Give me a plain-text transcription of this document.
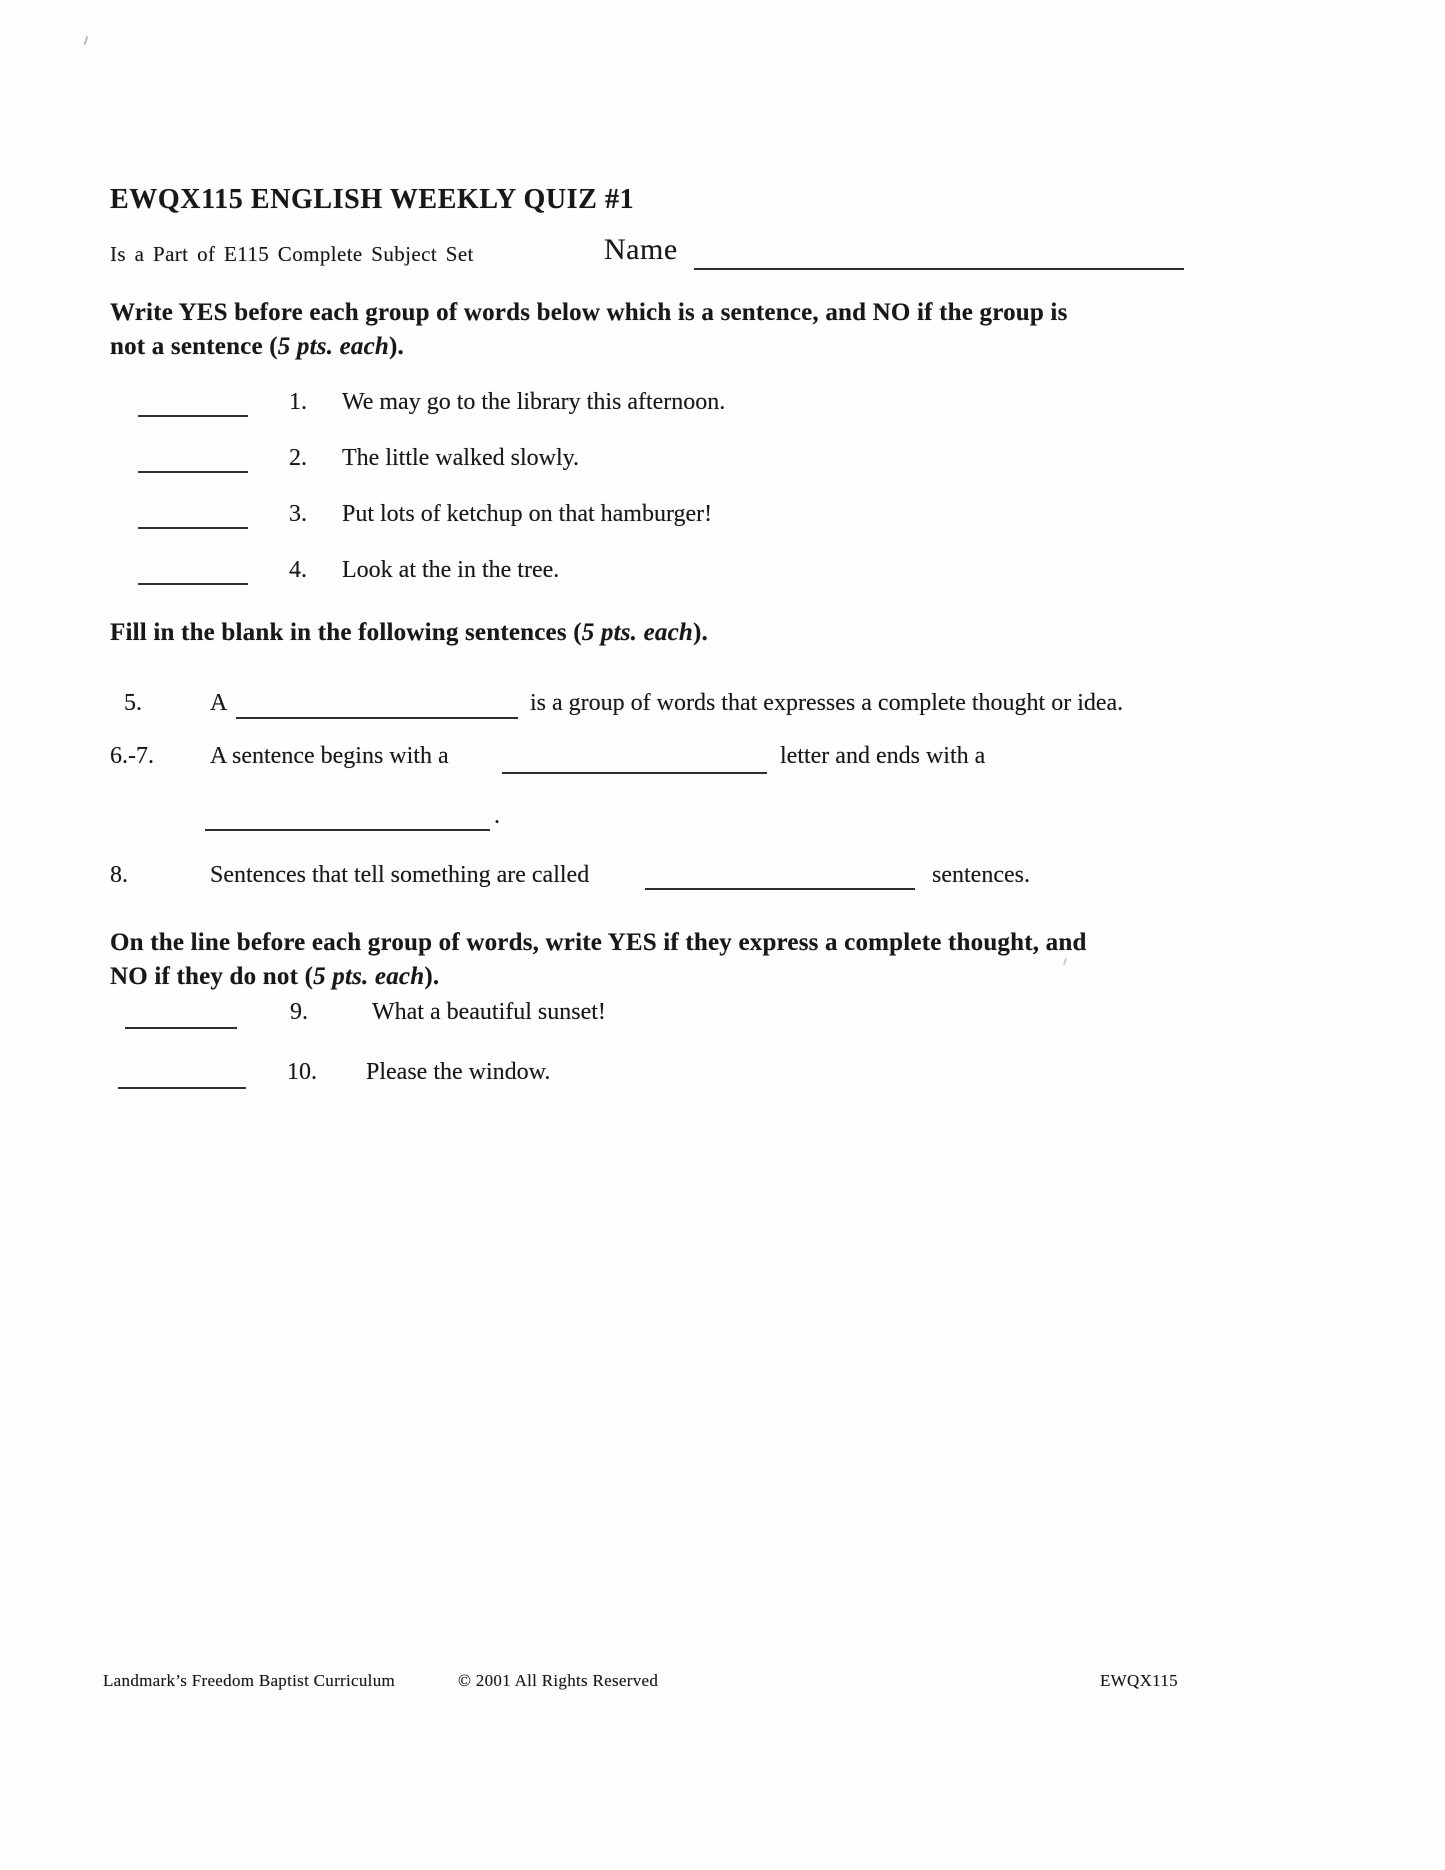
EWQX115 ENGLISH WEEKLY QUIZ #1
Is a Part of E115 Complete Subject Set	Name
Write YES before each group of words below which is a sentence, and NO if the group is
not a sentence (5 pts. each).
1. We may go to the library this afternoon.
2. The little walked slowly.
3. Put lots of ketchup on that hamburger!
4. Look at the in the tree.
Fill in the blank in the following sentences (5 pts. each).
5.	A	is a group of words that expresses a complete thought or idea.
6.-7. A sentence begins with a	letter and ends with a
.
8.	Sentences that tell something are called	sentences.
On the line before each group of words, write YES if they express a complete thought, and
NO if they do not (5 pts. each).
9.	What a beautiful sunset!
10. Please the window.
Landmark’s Freedom Baptist Curriculum	© 2001 All Rights Reserved	EWQX115
